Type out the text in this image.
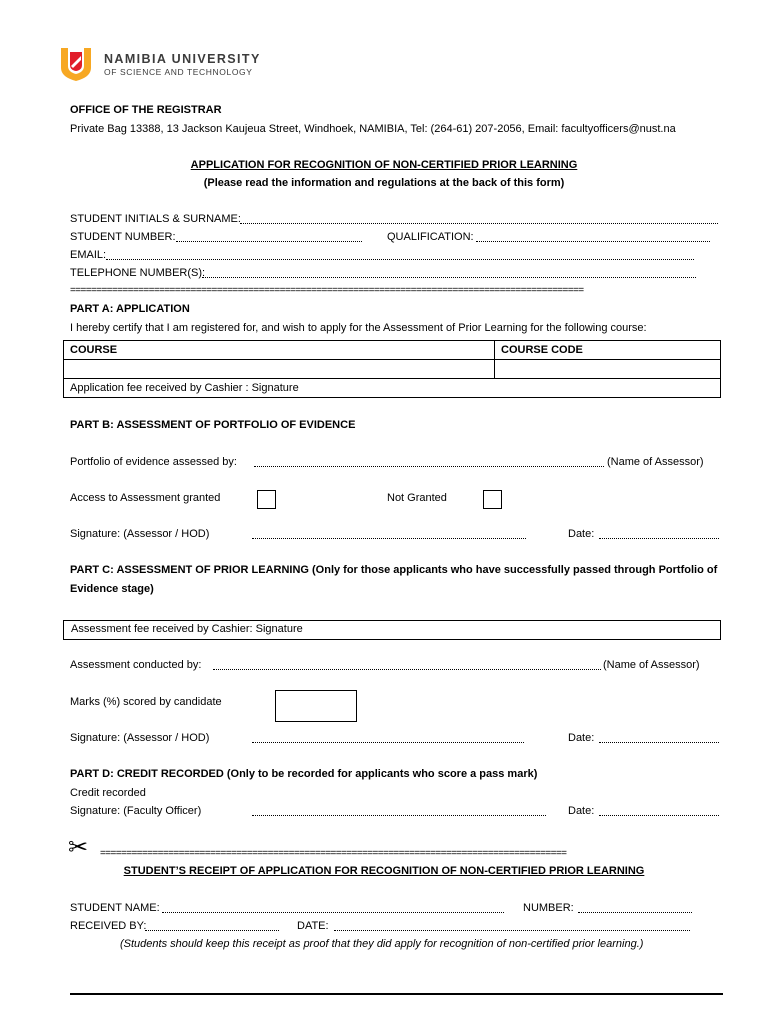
NAMIBIA UNIVERSITY
OF SCIENCE AND TECHNOLOGY
OFFICE OF THE REGISTRAR
Private Bag 13388, 13 Jackson Kaujeua Street, Windhoek, NAMIBIA, Tel: (264-61) 207-2056, Email: facultyofficers@nust.na
APPLICATION FOR RECOGNITION OF NON-CERTIFIED PRIOR LEARNING
(Please read the information and regulations at the back of this form)
STUDENT INITIALS & SURNAME:
STUDENT NUMBER:	QUALIFICATION:
EMAIL:
TELEPHONE NUMBER(S):
==================================================================================================
PART A: APPLICATION
I hereby certify that I am registered for, and wish to apply for the Assessment of Prior Learning for the following course:
COURSE	COURSE CODE

Application fee received by Cashier : Signature	
PART B: ASSESSMENT OF PORTFOLIO OF EVIDENCE
Portfolio of evidence assessed by:	(Name of Assessor)
Access to Assessment granted	Not Granted
Signature: (Assessor / HOD)	Date:
PART C: ASSESSMENT OF PRIOR LEARNING (Only for those applicants who have successfully passed through Portfolio of
Evidence stage)
Assessment fee received by Cashier: Signature
Assessment conducted by:	(Name of Assessor)
Marks (%) scored by candidate
Signature: (Assessor / HOD)	Date:
PART D: CREDIT RECORDED (Only to be recorded for applicants who score a pass mark)
Credit recorded
Signature: (Faculty Officer)	Date:
✂ =========================================================================================
STUDENT’S RECEIPT OF APPLICATION FOR RECOGNITION OF NON-CERTIFIED PRIOR LEARNING
STUDENT NAME:	NUMBER:
RECEIVED BY:	DATE:
(Students should keep this receipt as proof that they did apply for recognition of non-certified prior learning.)
